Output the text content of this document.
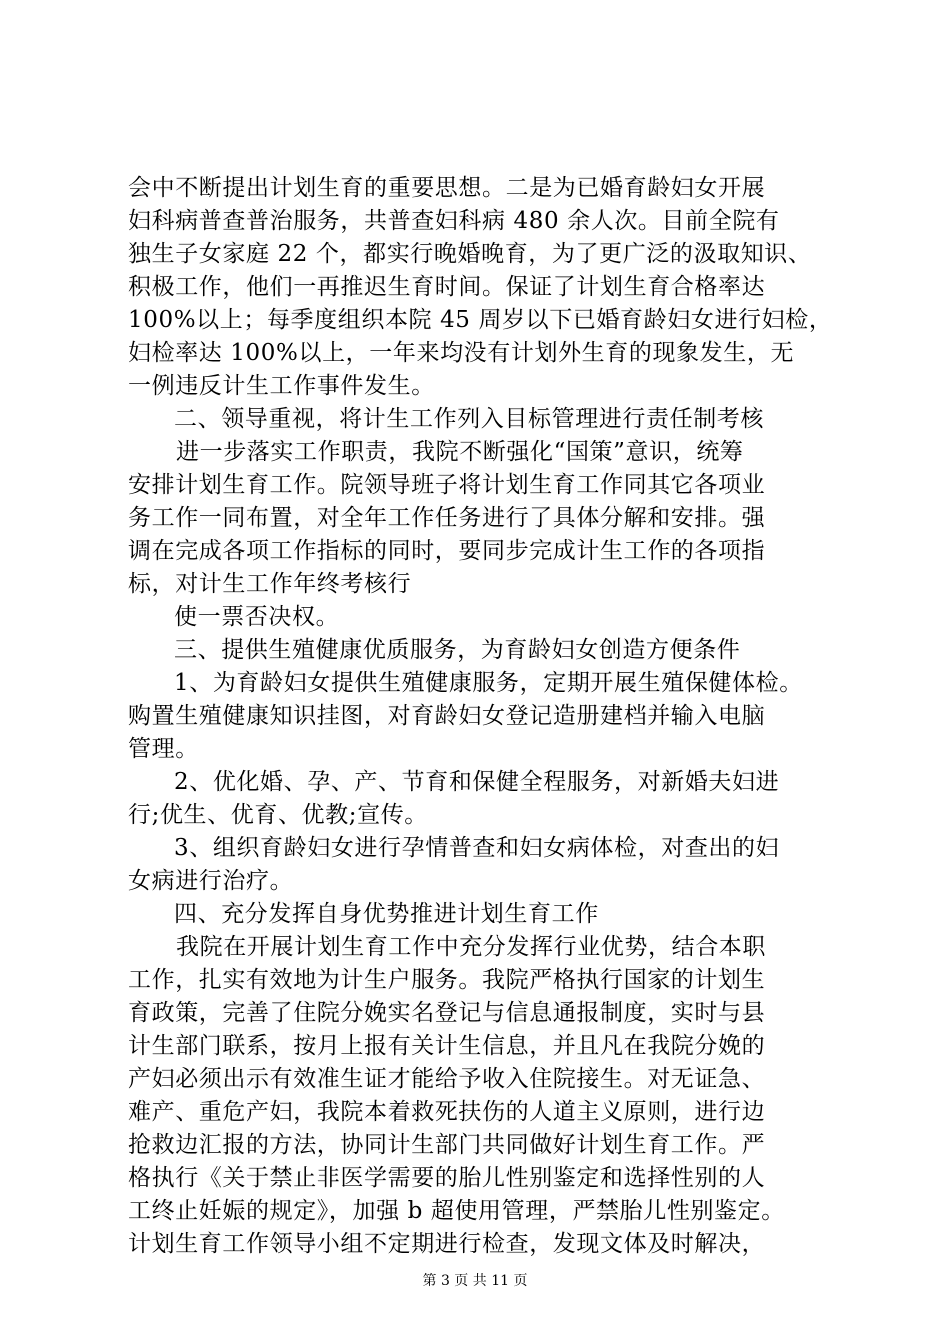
会中不断提出计划生育的重要思想。二是为已婚育龄妇女开展
妇科病普查普治服务，共普查妇科病 480 余人次。目前全院有
独生子女家庭 22 个，都实行晚婚晚育，为了更广泛的汲取知识、
积极工作，他们一再推迟生育时间。保证了计划生育合格率达
100%以上；每季度组织本院 45 周岁以下已婚育龄妇女进行妇检，
妇检率达 100%以上，一年来均没有计划外生育的现象发生，无
一例违反计生工作事件发生。
二、领导重视，将计生工作列入目标管理进行责任制考核
进一步落实工作职责，我院不断强化“国策”意识，统筹
安排计划生育工作。院领导班子将计划生育工作同其它各项业
务工作一同布置，对全年工作任务进行了具体分解和安排。强
调在完成各项工作指标的同时，要同步完成计生工作的各项指
标，对计生工作年终考核行
使一票否决权。
三、提供生殖健康优质服务，为育龄妇女创造方便条件
1、为育龄妇女提供生殖健康服务，定期开展生殖保健体检。
购置生殖健康知识挂图，对育龄妇女登记造册建档并输入电脑
管理。
2、优化婚、孕、产、节育和保健全程服务，对新婚夫妇进
行;优生、优育、优教;宣传。
3、组织育龄妇女进行孕情普查和妇女病体检，对查出的妇
女病进行治疗。
四、充分发挥自身优势推进计划生育工作
我院在开展计划生育工作中充分发挥行业优势，结合本职
工作，扎实有效地为计生户服务。我院严格执行国家的计划生
育政策，完善了住院分娩实名登记与信息通报制度，实时与县
计生部门联系，按月上报有关计生信息，并且凡在我院分娩的
产妇必须出示有效准生证才能给予收入住院接生。对无证急、
难产、重危产妇，我院本着救死扶伤的人道主义原则，进行边
抢救边汇报的方法，协同计生部门共同做好计划生育工作。严
格执行《关于禁止非医学需要的胎儿性别鉴定和选择性别的人
工终止妊娠的规定》，加强 b 超使用管理，严禁胎儿性别鉴定。
计划生育工作领导小组不定期进行检查，发现文体及时解决，
第 3 页 共 11 页
